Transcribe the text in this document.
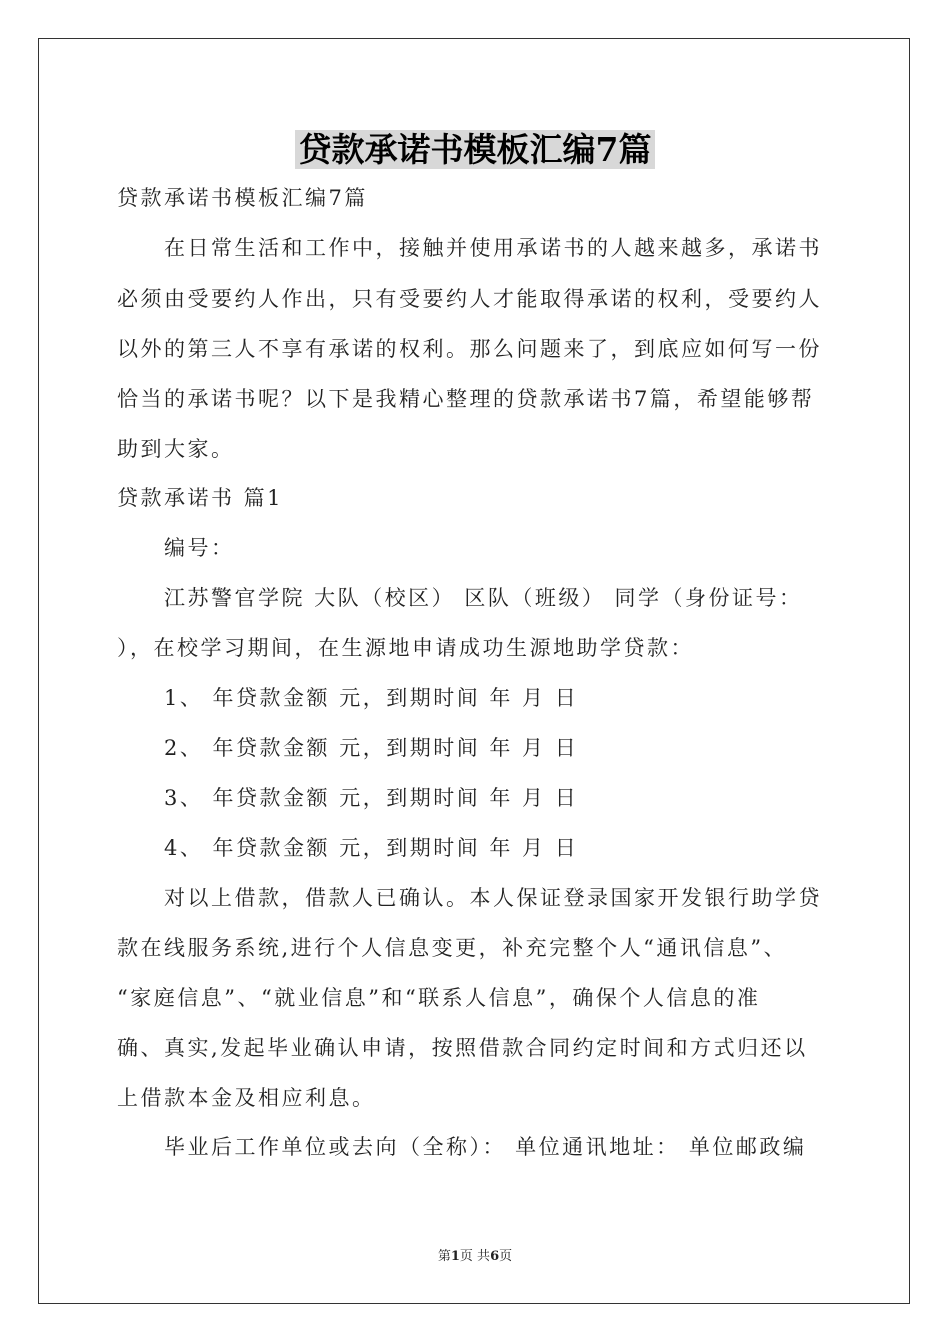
贷款承诺书模板汇编7篇
贷款承诺书模板汇编7篇
在日常生活和工作中，接触并使用承诺书的人越来越多，承诺书
必须由受要约人作出，只有受要约人才能取得承诺的权利，受要约人
以外的第三人不享有承诺的权利。那么问题来了，到底应如何写一份
恰当的承诺书呢？以下是我精心整理的贷款承诺书7篇，希望能够帮
助到大家。
贷款承诺书 篇1
编号：
江苏警官学院 大队（校区） 区队（班级） 同学（身份证号：
），在校学习期间，在生源地申请成功生源地助学贷款：
1、 年贷款金额 元，到期时间 年 月 日
2、 年贷款金额 元，到期时间 年 月 日
3、 年贷款金额 元，到期时间 年 月 日
4、 年贷款金额 元，到期时间 年 月 日
对以上借款，借款人已确认。本人保证登录国家开发银行助学贷
款在线服务系统,进行个人信息变更，补充完整个人“通讯信息”、
“家庭信息”、“就业信息”和“联系人信息”，确保个人信息的准
确、真实,发起毕业确认申请，按照借款合同约定时间和方式归还以
上借款本金及相应利息。
毕业后工作单位或去向（全称）： 单位通讯地址： 单位邮政编
第1页 共6页
